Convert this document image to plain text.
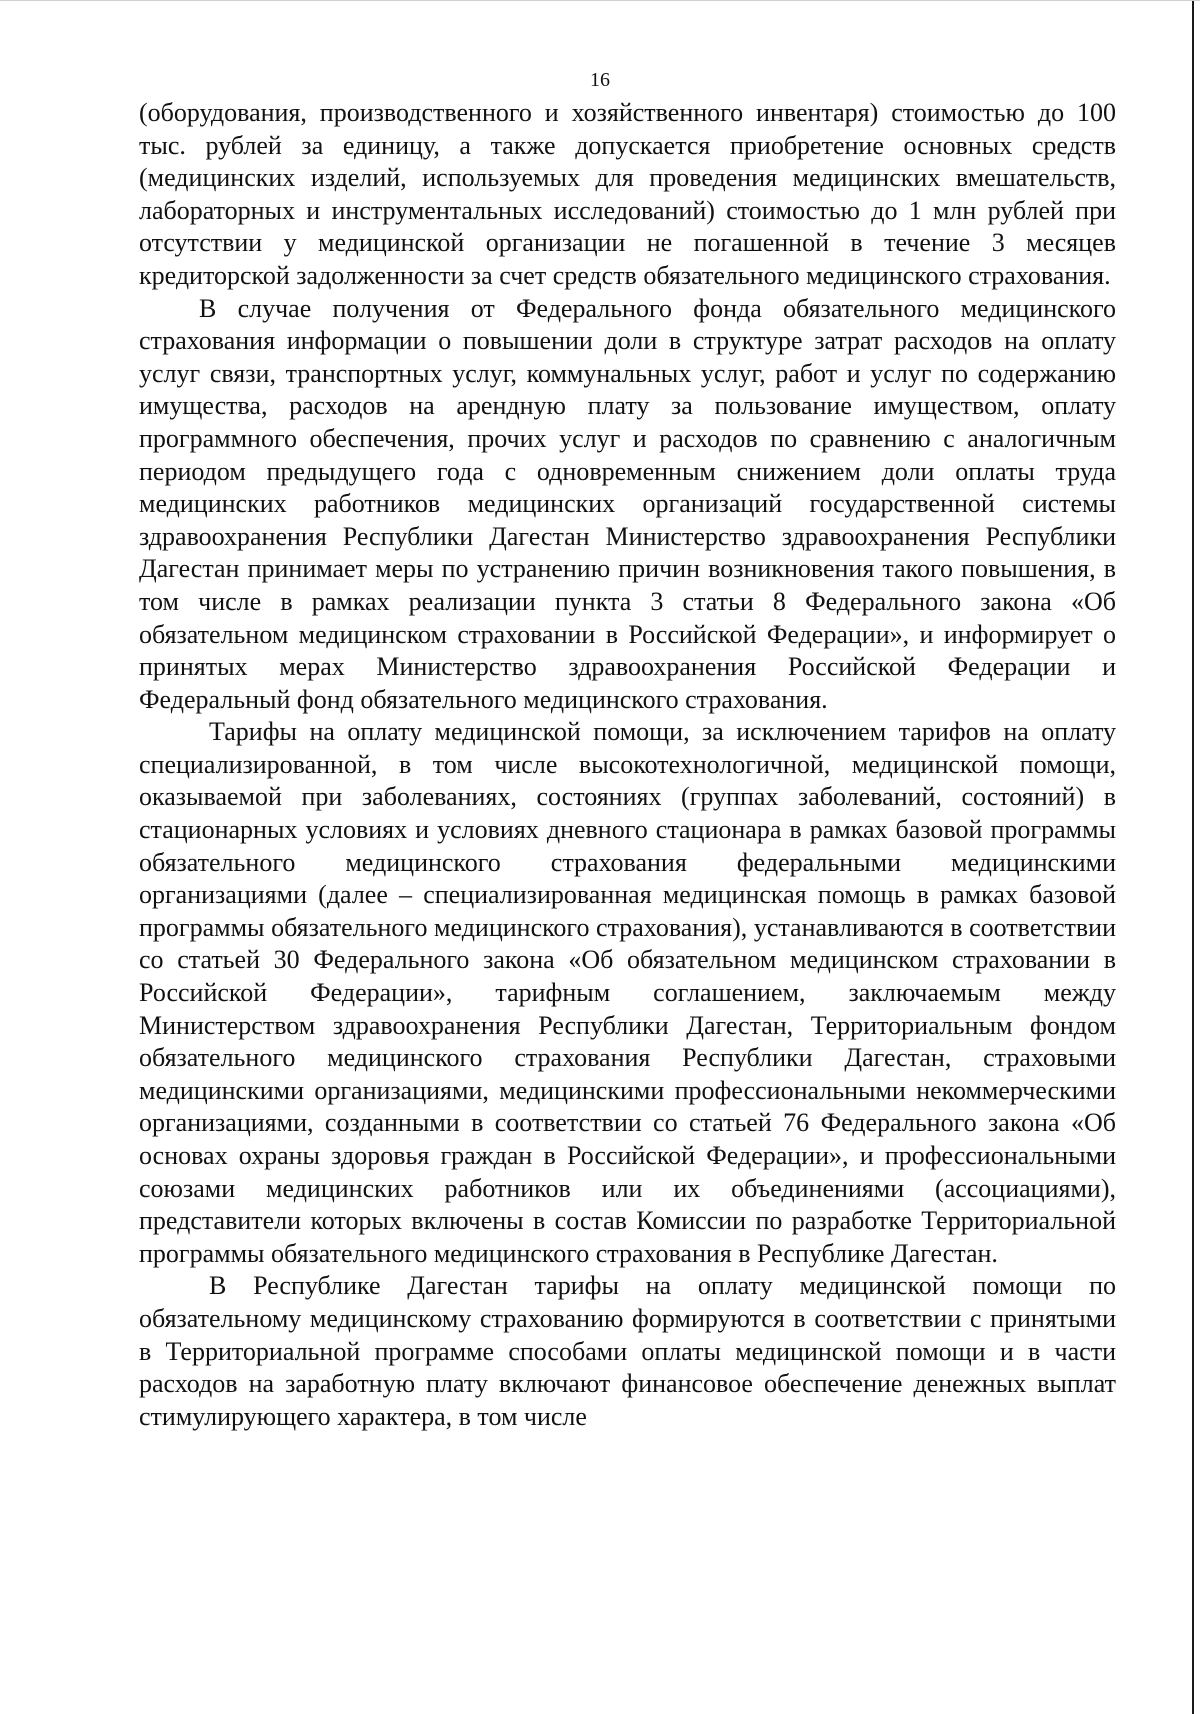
16

(оборудования, производственного и хозяйственного инвентаря) стоимостью до 100 тыс. рублей за единицу, а также допускается приобретение основных средств (медицинских изделий, используемых для проведения медицинских вмешательств, лабораторных и инструментальных исследований) стоимостью до 1 млн рублей при отсутствии у медицинской организации не погашенной в течение 3 месяцев кредиторской задолженности за счет средств обязательного медицинского страхования.

В случае получения от Федерального фонда обязательного медицинского страхования информации о повышении доли в структуре затрат расходов на оплату услуг связи, транспортных услуг, коммунальных услуг, работ и услуг по содержанию имущества, расходов на арендную плату за пользование имуществом, оплату программного обеспечения, прочих услуг и расходов по сравнению с аналогичным периодом предыдущего года с одновременным снижением доли оплаты труда медицинских работников медицинских организаций государственной системы здравоохранения Республики Дагестан Министерство здравоохранения Республики Дагестан принимает меры по устранению причин возникновения такого повышения, в том числе в рамках реализации пункта 3 статьи 8 Федерального закона «Об обязательном медицинском страховании в Российской Федерации», и информирует о принятых мерах Министерство здравоохранения Российской Федерации и Федеральный фонд обязательного медицинского страхования.

Тарифы на оплату медицинской помощи, за исключением тарифов на оплату специализированной, в том числе высокотехнологичной, медицинской помощи, оказываемой при заболеваниях, состояниях (группах заболеваний, состояний) в стационарных условиях и условиях дневного стационара в рамках базовой программы обязательного медицинского страхования федеральными медицинскими организациями (далее – специализированная медицинская помощь в рамках базовой программы обязательного медицинского страхования), устанавливаются в соответствии со статьей 30 Федерального закона «Об обязательном медицинском страховании в Российской Федерации», тарифным соглашением, заключаемым между Министерством здравоохранения Республики Дагестан, Территориальным фондом обязательного медицинского страхования Республики Дагестан, страховыми медицинскими организациями, медицинскими профессиональными некоммерческими организациями, созданными в соответствии со статьей 76 Федерального закона «Об основах охраны здоровья граждан в Российской Федерации», и профессиональными союзами медицинских работников или их объединениями (ассоциациями), представители которых включены в состав Комиссии по разработке Территориальной программы обязательного медицинского страхования в Республике Дагестан.

В Республике Дагестан тарифы на оплату медицинской помощи по обязательному медицинскому страхованию формируются в соответствии с принятыми в Территориальной программе способами оплаты медицинской помощи и в части расходов на заработную плату включают финансовое обеспечение денежных выплат стимулирующего характера, в том числе
